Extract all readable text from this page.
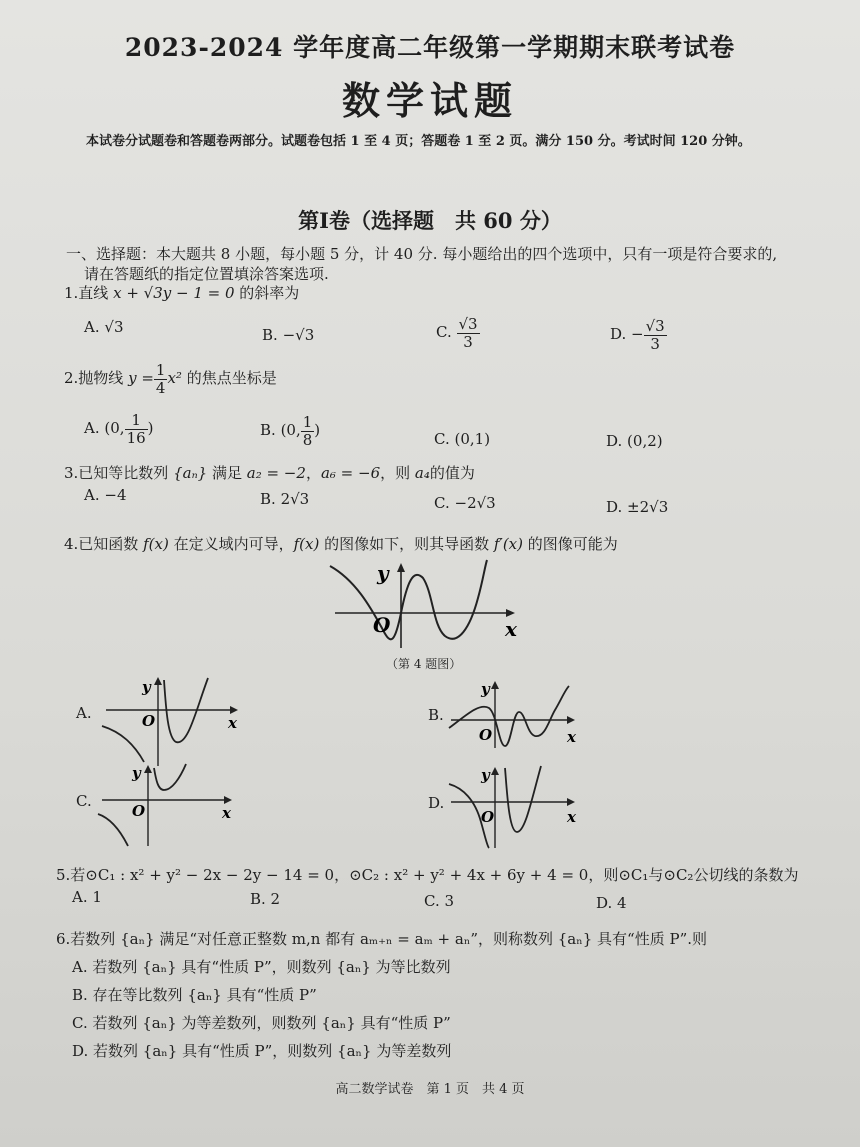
2023-2024 学年度高二年级第一学期期末联考试卷
数学试题
本试卷分试题卷和答题卷两部分。试题卷包括 1 至 4 页；答题卷 1 至 2 页。满分 150 分。考试时间 120 分钟。
第Ⅰ卷（选择题　共 60 分）
一、选择题：本大题共 8 小题，每小题 5 分，计 40 分. 每小题给出的四个选项中，只有一项是符合要求的,
请在答题纸的指定位置填涂答案选项.
1.直线 x + √3y − 1 = 0 的斜率为
A. √3	B. −√3	C. $\frac{√3}{3}$	D. − $\frac{√3}{3}$
2.抛物线 $y = \frac{1}{4} x^2$ 的焦点坐标是
A. (0, $\frac{1}{16}$ )	B. (0, $\frac{1}{8}$ )	C. (0,1)	D. (0,2)
3.已知等比数列 {aₙ} 满足 a₂ = −2，a₆ = −6，则 a₄的值为
A. −4	B. 2√3	C. −2√3	D. ±2√3
4.已知函数 f(x) 在定义域内可导，f(x) 的图像如下，则其导函数 f′(x) 的图像可能为
x
y
O
（第 4 题图）
A.
x
y
O	B.
x
y
O
C.
x
y
O	D.
x
y
O
5.若⊙C₁ : x² + y² − 2x − 2y − 14 = 0，⊙C₂ : x² + y² + 4x + 6y + 4 = 0，则⊙C₁与⊙C₂公切线的条数为
A. 1	B. 2	C. 3	D. 4
6.若数列 {aₙ} 满足“对任意正整数 m,n 都有 aₘ₊ₙ = aₘ + aₙ”，则称数列 {aₙ} 具有“性质 P”.则
A. 若数列 {aₙ} 具有“性质 P”，则数列 {aₙ} 为等比数列
B. 存在等比数列 {aₙ} 具有“性质 P”
C. 若数列 {aₙ} 为等差数列，则数列 {aₙ} 具有“性质 P”
D. 若数列 {aₙ} 具有“性质 P”，则数列 {aₙ} 为等差数列
高二数学试卷　第 1 页　共 4 页
